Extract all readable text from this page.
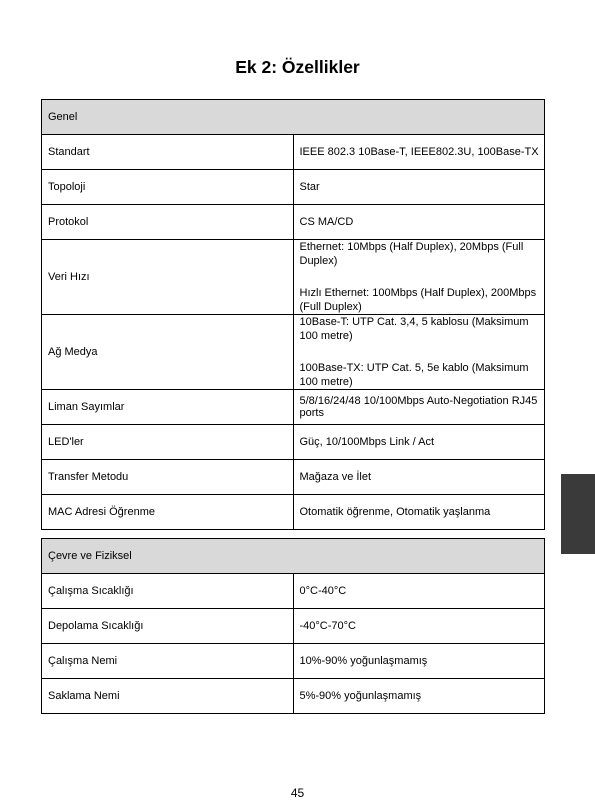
Ek 2: Özellikler
Genel	
Standart	IEEE 802.3 10Base-T, IEEE802.3U, 100Base-TX
Topoloji	Star
Protokol	CS MA/CD
Veri Hızı	Ethernet: 10Mbps (Half Duplex), 20Mbps (Full Duplex)
Hızlı Ethernet: 100Mbps (Half Duplex), 200Mbps (Full Duplex)

Ağ Medya	10Base-T: UTP Cat. 3,4, 5 kablosu (Maksimum 100 metre)
100Base-TX: UTP Cat. 5, 5e kablo (Maksimum 100 metre)

Liman Sayımlar	5/8/16/24/48 10/100Mbps Auto-Negotiation RJ45 ports
LED'ler	Güç, 10/100Mbps Link / Act
Transfer Metodu	Mağaza ve İlet
MAC Adresi Öğrenme	Otomatik öğrenme, Otomatik yaşlanma
Çevre ve Fiziksel	
Çalışma Sıcaklığı	0°C-40°C
Depolama Sıcaklığı	-40°C-70°C
Çalışma Nemi	10%-90% yoğunlaşmamış
Saklama Nemi	5%-90% yoğunlaşmamış
45
